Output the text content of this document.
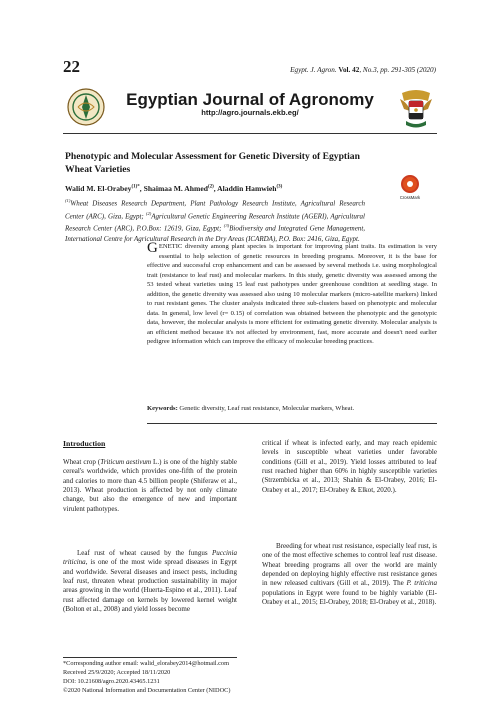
22	Egypt. J. Agron. Vol. 42, No.3, pp. 291-305 (2020)
Egyptian Journal of Agronomy
http://agro.journals.ekb.eg/
Phenotypic and Molecular Assessment for Genetic Diversity of Egyptian Wheat Varieties
Walid M. El-Orabey$^{(1)*}$, Shaimaa M. Ahmed$^{(2)}$, Aladdin Hamwieh$^{(3)}$
$^{(1)}$Wheat Diseases Research Department, Plant Pathology Research Institute, Agricultural Research Center (ARC), Giza, Egypt; $^{(2)}$Agricultural Genetic Engineering Research Institute (AGERI), Agricultural Research Center (ARC), P.O.Box: 12619, Giza, Egypt; $^{(3)}$Biodiversity and Integrated Gene Management, International Centre for Agricultural Research in the Dry Areas (ICARDA), P.O. Box: 2416, Giza, Egypt.
CrossMark
GENETIC diversity among plant species is important for improving plant traits. Its estimation is very essential to help selection of genetic resources in breeding programs. Moreover, it is the base for effective and successful crop enhancement and can be assessed by several methods i.e. using morphological trait (resistance to leaf rust) and molecular markers. In this study, genetic diversity was assessed among the 53 tested wheat varieties using 15 leaf rust pathotypes under greenhouse condition at seedling stage. In addition, the genetic diversity was assessed also using 10 molecular markers (micro-satellite markers) linked to rust resistant genes. The cluster analysis indicated three sub-clusters based on phenotypic and molecular data. In general, low level (r= 0.15) of correlation was obtained between the phenotypic and the genotypic data, however, the molecular analysis is more efficient for estimating genetic diversity. Molecular analysis is an efficient method because it's not affected by environment, fast, more accurate and doesn't need earlier pedigree information which can improve the efficacy of molecular breeding practices.
Keywords: Genetic diversity, Leaf rust resistance, Molecular markers, Wheat.
Introduction
Wheat crop (Triticum aestivum L.) is one of the highly stable cereal's worldwide, which provides one-fifth of the protein and calories to more than 4.5 billion people (Shiferaw et al., 2013). Wheat production is affected by not only climate change, but also the emergence of new and important virulent pathotypes.
Leaf rust of wheat caused by the fungus Puccinia triticina, is one of the most wide spread diseases in Egypt and worldwide. Several diseases and insect pests, including leaf rust, threaten wheat production sustainability in major areas growing in the world (Huerta-Espino et al., 2011). Leaf rust affected damage on kernels by lowered kernel weight (Bolton et al., 2008) and yield losses become
critical if wheat is infected early, and may reach epidemic levels in susceptible wheat varieties under favorable conditions (Gill et al., 2019). Yield losses attributed to leaf rust reached higher than 60% in highly susceptible varieties (Strzembicka et al., 2013; Shahin & El-Orabey, 2016; El-Orabey et al., 2017; El-Orabey & Elkot, 2020.).
Breeding for wheat rust resistance, especially leaf rust, is one of the most effective schemes to control leaf rust disease. Wheat breeding programs all over the world are mainly depended on deploying highly effective rust resistance genes in new released cultivars (Gill et al., 2019). The P. triticina populations in Egypt were found to be highly variable (El-Orabey et al., 2015; El-Orabey, 2018; El-Orabey et al., 2018).
*Corresponding author email: walid_elorabey2014@hotmail.com
Received 25/9/2020; Accepted 18/11/2020
DOI: 10.21608/agro.2020.43465.1231
©2020 National Information and Documentation Center (NIDOC)
